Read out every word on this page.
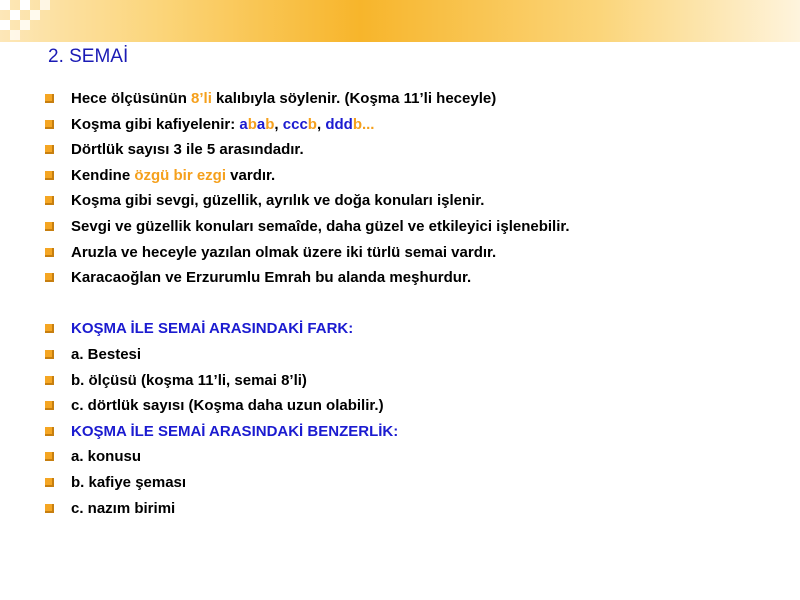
2. SEMAİ
Hece ölçüsünün 8’li kalıbıyla söylenir. (Koşma 11’li heceyle)
Koşma gibi kafiyelenir: abab, cccb, dddb...
Dörtlük sayısı 3 ile 5 arasındadır.
Kendine özgü bir ezgi vardır.
Koşma gibi sevgi, güzellik, ayrılık ve doğa konuları işlenir.
Sevgi ve güzellik konuları semaîde, daha güzel ve etkileyici işlenebilir.
Aruzla ve heceyle yazılan olmak üzere iki türlü semai vardır.
Karacaoğlan ve Erzurumlu Emrah bu alanda meşhurdur.
KOŞMA İLE SEMAİ ARASINDAKİ FARK:
a. Bestesi
b. ölçüsü (koşma 11’li, semai 8’li)
c. dörtlük sayısı (Koşma daha uzun olabilir.)
KOŞMA İLE SEMAİ ARASINDAKİ BENZERLİK:
a. konusu
b. kafiye şeması
c. nazım birimi
